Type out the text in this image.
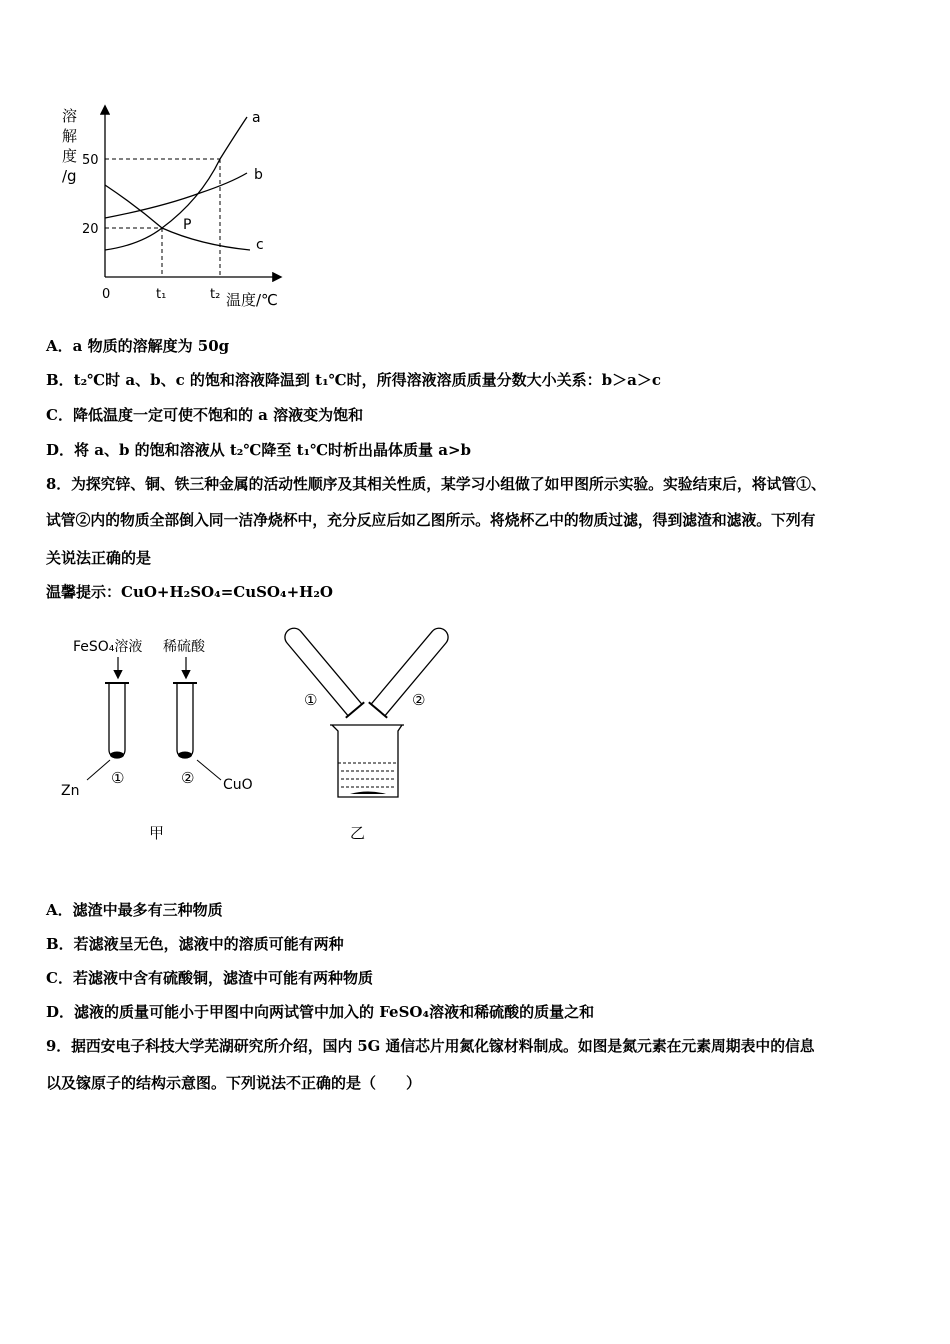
溶
解
度
/g
50
20
0	t₁	t₂ 温度/℃
a
b
c
P
A．a 物质的溶解度为 50g
B．t₂℃时 a、b、c 的饱和溶液降温到 t₁℃时，所得溶液溶质质量分数大小关系：b＞a＞c
C．降低温度一定可使不饱和的 a 溶液变为饱和
D．将 a、b 的饱和溶液从 t₂℃降至 t₁℃时析出晶体质量 a>b
8．为探究锌、铜、铁三种金属的活动性顺序及其相关性质，某学习小组做了如甲图所示实验。实验结束后，将试管①、
试管②内的物质全部倒入同一洁净烧杯中，充分反应后如乙图所示。将烧杯乙中的物质过滤，得到滤渣和滤液。下列有
关说法正确的是
温馨提示：CuO+H₂SO₄=CuSO₄+H₂O
FeSO₄溶液 稀硫酸
Zn	CuO
①	②
甲
①	②
乙
A．滤渣中最多有三种物质
B．若滤液呈无色，滤液中的溶质可能有两种
C．若滤液中含有硫酸铜，滤渣中可能有两种物质
D．滤液的质量可能小于甲图中向两试管中加入的 FeSO₄溶液和稀硫酸的质量之和
9．据西安电子科技大学芜湖研究所介绍，国内 5G 通信芯片用氮化镓材料制成。如图是氮元素在元素周期表中的信息
以及镓原子的结构示意图。下列说法不正确的是（　　）
